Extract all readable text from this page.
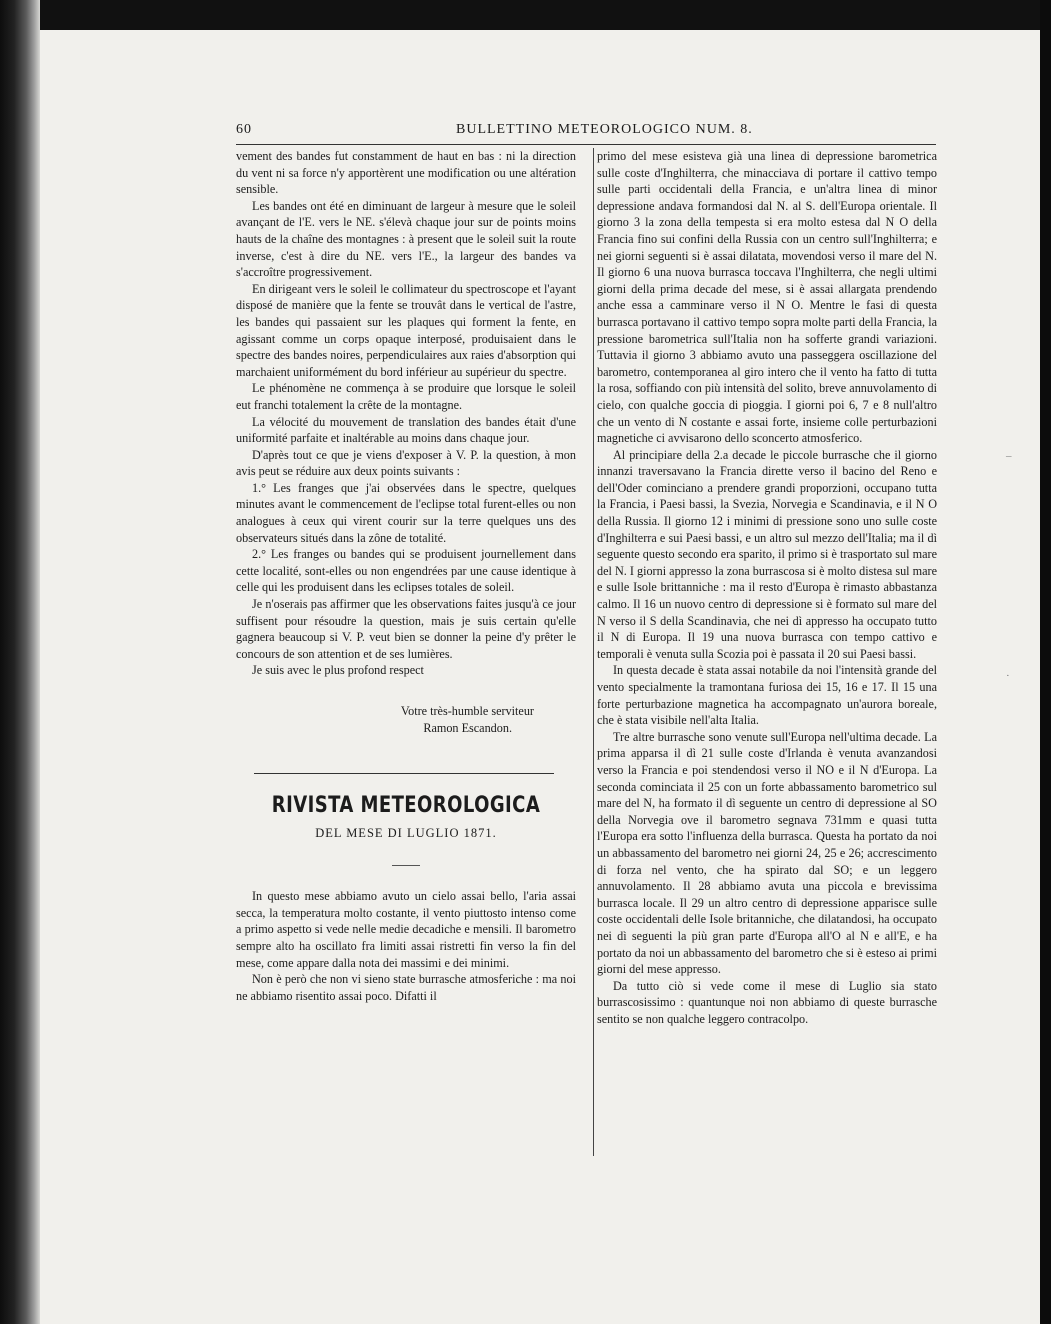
60	BULLETTINO METEOROLOGICO NUM. 8.

vement des bandes fut constamment de haut en bas : ni la direction du vent ni sa force n'y apportèrent une modification ou une altération sensible.

Les bandes ont été en diminuant de largeur à mesure que le soleil avançant de l'E. vers le NE. s'élevà chaque jour sur de points moins hauts de la chaîne des montagnes : à present que le soleil suit la route inverse, c'est à dire du NE. vers l'E., la largeur des bandes va s'accroître progressivement.

En dirigeant vers le soleil le collimateur du spectroscope et l'ayant disposé de manière que la fente se trouvât dans le vertical de l'astre, les bandes qui passaient sur les plaques qui forment la fente, en agissant comme un corps opaque interposé, produisaient dans le spectre des bandes noires, perpendiculaires aux raies d'absorption qui marchaient uniformément du bord inférieur au supérieur du spectre.

Le phénomène ne commença à se produire que lorsque le soleil eut franchi totalement la crête de la montagne.

La vélocité du mouvement de translation des bandes était d'une uniformité parfaite et inaltérable au moins dans chaque jour.

D'après tout ce que je viens d'exposer à V. P. la question, à mon avis peut se réduire aux deux points suivants :

1.° Les franges que j'ai observées dans le spectre, quelques minutes avant le commencement de l'eclipse total furent-elles ou non analogues à ceux qui virent courir sur la terre quelques uns des observateurs situés dans la zône de totalité.

2.° Les franges ou bandes qui se produisent journellement dans cette localité, sont-elles ou non engendrées par une cause identique à celle qui les produisent dans les eclipses totales de soleil.

Je n'oserais pas affirmer que les observations faites jusqu'à ce jour suffisent pour résoudre la question, mais je suis certain qu'elle gagnera beaucoup si V. P. veut bien se donner la peine d'y prêter le concours de son attention et de ses lumières.

Je suis avec le plus profond respect

Votre très-humble serviteur
Ramon Escandon.
RIVISTA METEOROLOGICA
DEL MESE DI LUGLIO 1871.

In questo mese abbiamo avuto un cielo assai bello, l'aria assai secca, la temperatura molto costante, il vento piuttosto intenso come a primo aspetto si vede nelle medie decadiche e mensili. Il barometro sempre alto ha oscillato fra limiti assai ristretti fin verso la fin del mese, come appare dalla nota dei massimi e dei minimi.

Non è però che non vi sieno state burrasche atmosferiche : ma noi ne abbiamo risentito assai poco. Difatti il

primo del mese esisteva già una linea di depressione barometrica sulle coste d'Inghilterra, che minacciava di portare il cattivo tempo sulle parti occidentali della Francia, e un'altra linea di minor depressione andava formandosi dal N. al S. dell'Europa orientale. Il giorno 3 la zona della tempesta si era molto estesa dal N O della Francia fino sui confini della Russia con un centro sull'Inghilterra; e nei giorni seguenti si è assai dilatata, movendosi verso il mare del N. Il giorno 6 una nuova burrasca toccava l'Inghilterra, che negli ultimi giorni della prima decade del mese, si è assai allargata prendendo anche essa a camminare verso il N O. Mentre le fasi di questa burrasca portavano il cattivo tempo sopra molte parti della Francia, la pressione barometrica sull'Italia non ha sofferte grandi variazioni. Tuttavia il giorno 3 abbiamo avuto una passeggera oscillazione del barometro, contemporanea al giro intero che il vento ha fatto di tutta la rosa, soffiando con più intensità del solito, breve annuvolamento di cielo, con qualche goccia di pioggia. I giorni poi 6, 7 e 8 null'altro che un vento di N costante e assai forte, insieme colle perturbazioni magnetiche ci avvisarono dello sconcerto atmosferico.

Al principiare della 2.a decade le piccole burrasche che il giorno innanzi traversavano la Francia dirette verso il bacino del Reno e dell'Oder cominciano a prendere grandi proporzioni, occupano tutta la Francia, i Paesi bassi, la Svezia, Norvegia e Scandinavia, e il N O della Russia. Il giorno 12 i minimi di pressione sono uno sulle coste d'Inghilterra e sui Paesi bassi, e un altro sul mezzo dell'Italia; ma il dì seguente questo secondo era sparito, il primo si è trasportato sul mare del N. I giorni appresso la zona burrascosa si è molto distesa sul mare e sulle Isole brittanniche : ma il resto d'Europa è rimasto abbastanza calmo. Il 16 un nuovo centro di depressione si è formato sul mare del N verso il S della Scandinavia, che nei dì appresso ha occupato tutto il N di Europa. Il 19 una nuova burrasca con tempo cattivo e temporali è venuta sulla Scozia poi è passata il 20 sui Paesi bassi.

In questa decade è stata assai notabile da noi l'intensità grande del vento specialmente la tramontana furiosa dei 15, 16 e 17. Il 15 una forte perturbazione magnetica ha accompagnato un'aurora boreale, che è stata visibile nell'alta Italia.

Tre altre burrasche sono venute sull'Europa nell'ultima decade. La prima apparsa il dì 21 sulle coste d'Irlanda è venuta avanzandosi verso la Francia e poi stendendosi verso il NO e il N d'Europa. La seconda cominciata il 25 con un forte abbassamento barometrico sul mare del N, ha formato il dì seguente un centro di depressione al SO della Norvegia ove il barometro segnava 731mm e quasi tutta l'Europa era sotto l'influenza della burrasca. Questa ha portato da noi un abbassamento del barometro nei giorni 24, 25 e 26; accrescimento di forza nel vento, che ha spirato dal SO; e un leggero annuvolamento. Il 28 abbiamo avuta una piccola e brevissima burrasca locale. Il 29 un altro centro di depressione apparisce sulle coste occidentali delle Isole britanniche, che dilatandosi, ha occupato nei dì seguenti la più gran parte d'Europa all'O al N e all'E, e ha portato da noi un abbassamento del barometro che si è esteso ai primi giorni del mese appresso.

Da tutto ciò si vede come il mese di Luglio sia stato burrascosissimo : quantunque noi non abbiamo di queste burrasche sentito se non qualche leggero contracolpo.

–
·
